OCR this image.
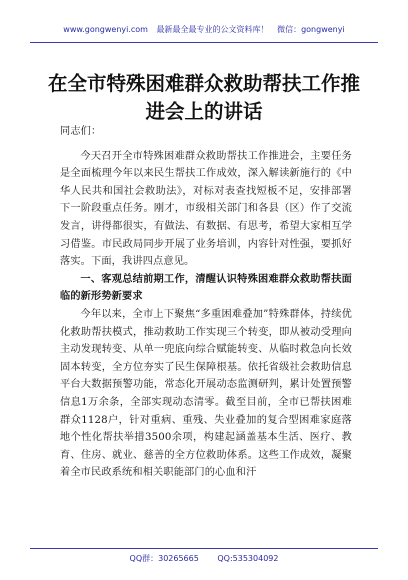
www.gongwenyi.com 最新最全最专业的公文资料库！ 微信：gongwenyi
在全市特殊困难群众救助帮扶工作推进会上的讲话

同志们：

今天召开全市特殊困难群众救助帮扶工作推进会，主要任务是全面梳理今年以来民生帮扶工作成效，深入解读新施行的《中华人民共和国社会救助法》，对标对表查找短板不足，安排部署下一阶段重点任务。刚才，市级相关部门和各县（区）作了交流发言，讲得都很实，有做法、有数据、有思考，希望大家相互学习借鉴。市民政局同步开展了业务培训，内容针对性强，要抓好落实。下面，我讲四点意见。

一、客观总结前期工作，清醒认识特殊困难群众救助帮扶面临的新形势新要求

今年以来，全市上下聚焦“多重困难叠加”特殊群体，持续优化救助帮扶模式，推动救助工作实现三个转变，即从被动受理向主动发现转变、从单一兜底向综合赋能转变、从临时救急向长效固本转变，全方位夯实了民生保障根基。依托省级社会救助信息平台大数据预警功能，常态化开展动态监测研判，累计处置预警信息1万余条，全部实现动态清零。截至目前，全市已帮扶困难群众1128户，针对重病、重残、失业叠加的复合型困难家庭落地个性化帮扶举措3500余项，构建起涵盖基本生活、医疗、教育、住房、就业、慈善的全方位救助体系。这些工作成效，凝聚着全市民政系统和相关职能部门的心血和汗

QQ群：30265665 QQ:535304092
